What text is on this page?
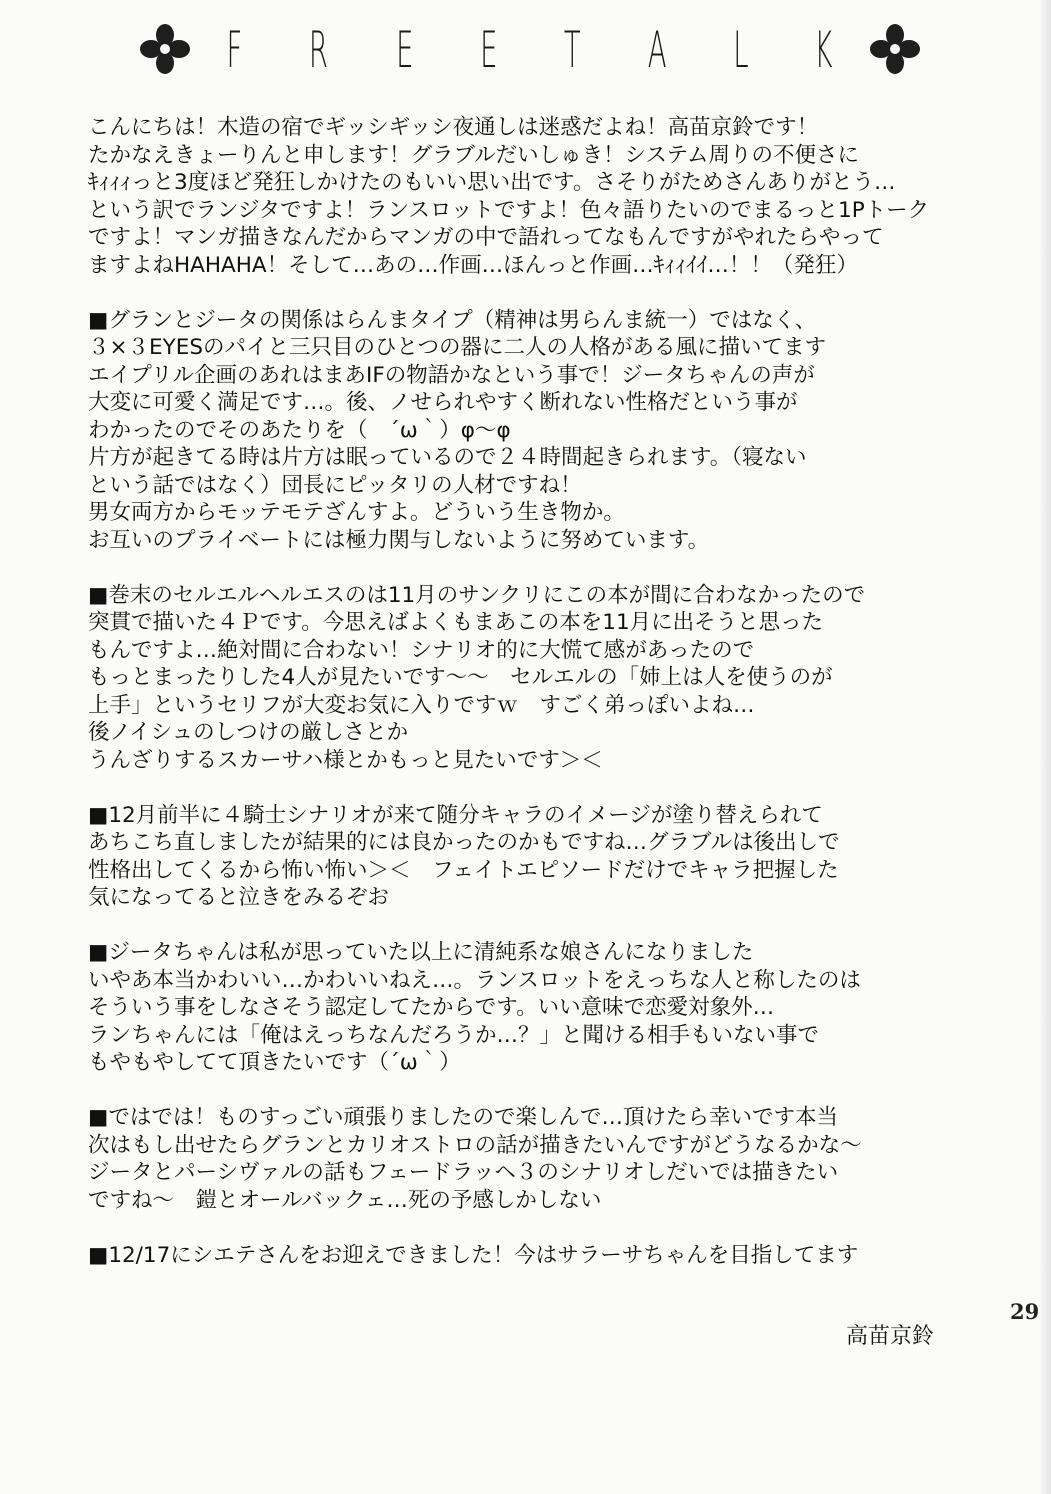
F R E E T A L K
こんにちは！木造の宿でギッシギッシ夜通しは迷惑だよね！高苗京鈴です！
たかなえきょーりんと申します！グラブルだいしゅき！システム周りの不便さに
ｷｨｨｨっと3度ほど発狂しかけたのもいい思い出です。さそりがためさんありがとう…
という訳でランジタですよ！ランスロットですよ！色々語りたいのでまるっと1Pトーク
ですよ！マンガ描きなんだからマンガの中で語れってなもんですがやれたらやって
ますよねHAHAHA！そして…あの…作画…ほんっと作画…ｷｨｨｲｲ…！！（発狂）
■グランとジータの関係はらんまタイプ（精神は男らんま統一）ではなく、
３×３EYESのパイと三只目のひとつの器に二人の人格がある風に描いてます
エイプリル企画のあれはまあIFの物語かなという事で！ジータちゃんの声が
大変に可愛く満足です…。後、ノせられやすく断れない性格だという事が
わかったのでそのあたりを（　´ω｀）φ～φ
片方が起きてる時は片方は眠っているので２４時間起きられます。（寝ない
という話ではなく）団長にピッタリの人材ですね！
男女両方からモッテモテざんすよ。どういう生き物か。
お互いのプライベートには極力関与しないように努めています。
■巻末のセルエルヘルエスのは11月のサンクリにこの本が間に合わなかったので
突貫で描いた４Ｐです。今思えばよくもまあこの本を11月に出そうと思った
もんですよ…絶対間に合わない！シナリオ的に大慌て感があったので
もっとまったりした4人が見たいです～～　セルエルの「姉上は人を使うのが
上手」というセリフが大変お気に入りですｗ　すごく弟っぽいよね…
後ノイシュのしつけの厳しさとか
うんざりするスカーサハ様とかもっと見たいです＞＜
■12月前半に４騎士シナリオが来て随分キャラのイメージが塗り替えられて
あちこち直しましたが結果的には良かったのかもですね…グラブルは後出しで
性格出してくるから怖い怖い＞＜　フェイトエピソードだけでキャラ把握した
気になってると泣きをみるぞお
■ジータちゃんは私が思っていた以上に清純系な娘さんになりました
いやあ本当かわいい…かわいいねえ…。ランスロットをえっちな人と称したのは
そういう事をしなさそう認定してたからです。いい意味で恋愛対象外…
ランちゃんには「俺はえっちなんだろうか…？」と聞ける相手もいない事で
もやもやしてて頂きたいです（´ω｀）
■ではでは！ものすっごい頑張りましたので楽しんで…頂けたら幸いです本当
次はもし出せたらグランとカリオストロの話が描きたいんですがどうなるかな～
ジータとパーシヴァルの話もフェードラッヘ３のシナリオしだいでは描きたい
ですね～　鎧とオールバックェ…死の予感しかしない
■12/17にシエテさんをお迎えできました！今はサラーサちゃんを目指してます
29
高苗京鈴
